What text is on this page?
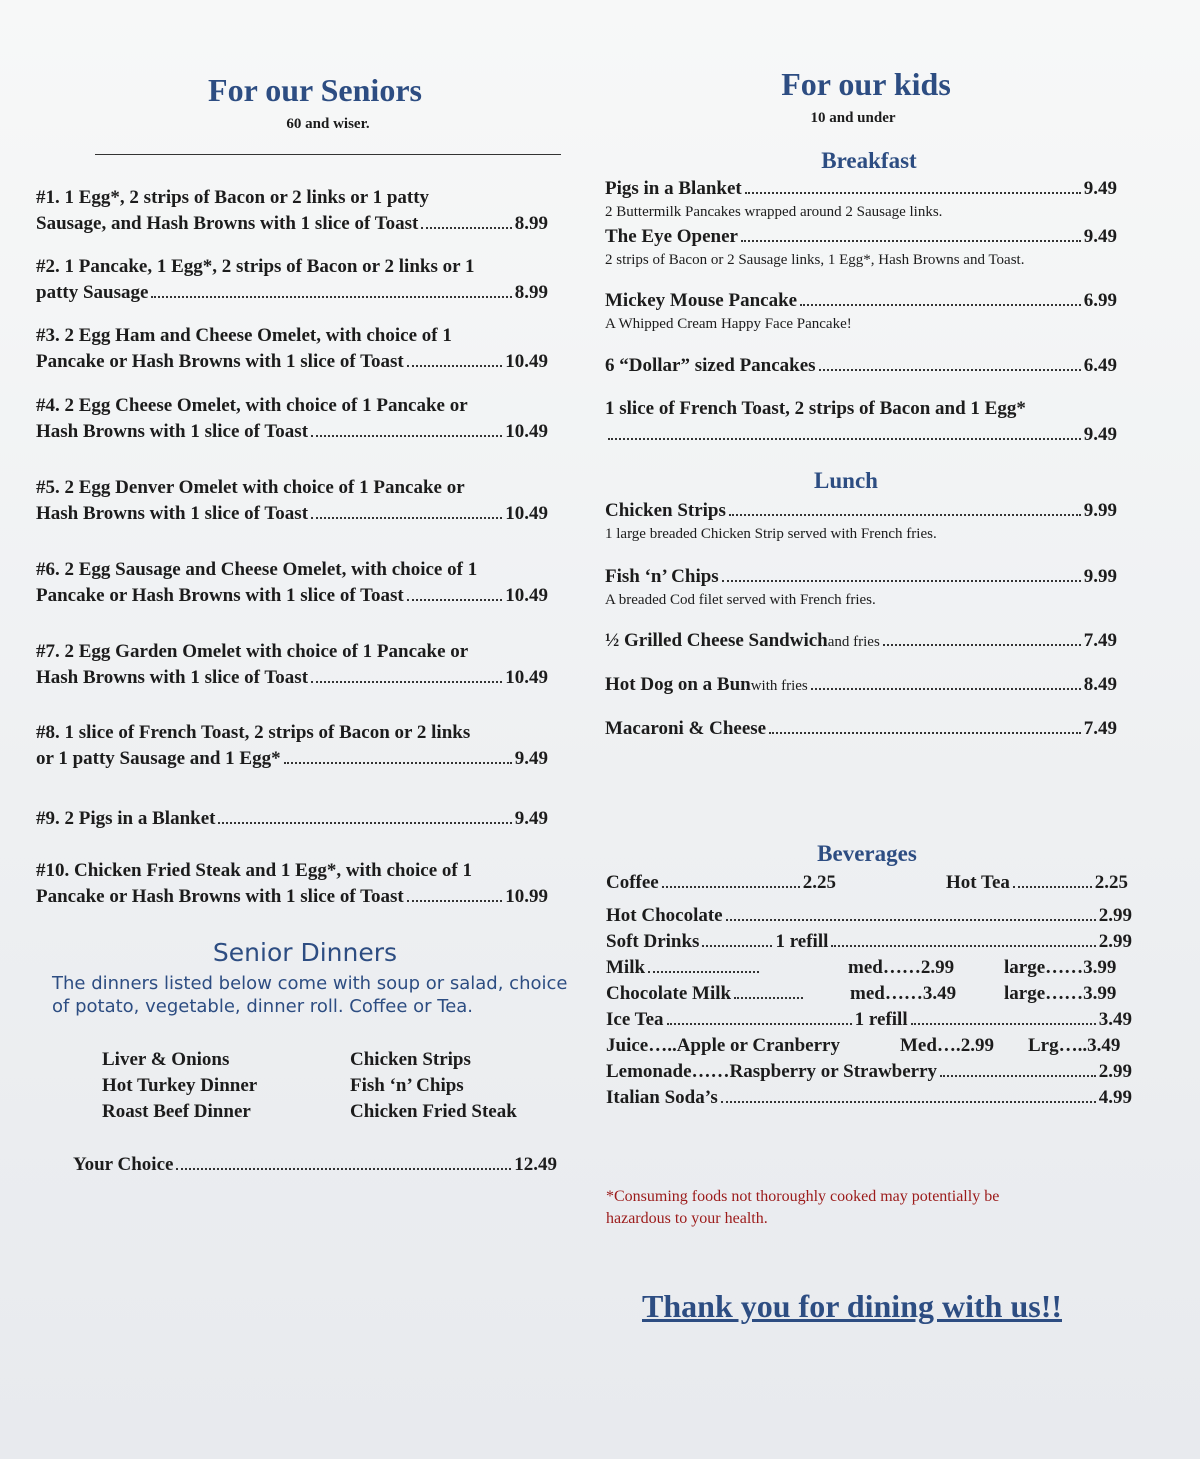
For our Seniors
60 and wiser.
#1. 1 Egg*, 2 strips of Bacon or 2 links or 1 patty
Sausage, and Hash Browns with 1 slice of Toast	8.99
#2. 1 Pancake, 1 Egg*, 2 strips of Bacon or 2 links or 1
patty Sausage	8.99
#3. 2 Egg Ham and Cheese Omelet, with choice of 1
Pancake or Hash Browns with 1 slice of Toast	10.49
#4. 2 Egg Cheese Omelet, with choice of 1 Pancake or
Hash Browns with 1 slice of Toast	10.49
#5. 2 Egg Denver Omelet with choice of 1 Pancake or
Hash Browns with 1 slice of Toast	10.49
#6. 2 Egg Sausage and Cheese Omelet, with choice of 1
Pancake or Hash Browns with 1 slice of Toast	10.49
#7. 2 Egg Garden Omelet with choice of 1 Pancake or
Hash Browns with 1 slice of Toast	10.49
#8. 1 slice of French Toast, 2 strips of Bacon or 2 links
or 1 patty Sausage and 1 Egg*	9.49
#9. 2 Pigs in a Blanket	9.49
#10. Chicken Fried Steak and 1 Egg*, with choice of 1
Pancake or Hash Browns with 1 slice of Toast	10.99
Senior Dinners
The dinners listed below come with soup or salad, choice
of potato, vegetable, dinner roll. Coffee or Tea.
Liver & Onions
Hot Turkey Dinner
Roast Beef Dinner
Chicken Strips
Fish ‘n’ Chips
Chicken Fried Steak
Your Choice	12.49
For our kids
10 and under
Breakfast
Pigs in a Blanket	9.49
2 Buttermilk Pancakes wrapped around 2 Sausage links.
The Eye Opener	9.49
2 strips of Bacon or 2 Sausage links, 1 Egg*, Hash Browns and Toast.
Mickey Mouse Pancake	6.99
A Whipped Cream Happy Face Pancake!
6 “Dollar” sized Pancakes	6.49
1 slice of French Toast, 2 strips of Bacon and 1 Egg*
9.49
Lunch
Chicken Strips	9.99
1 large breaded Chicken Strip served with French fries.
Fish ‘n’ Chips	9.99
A breaded Cod filet served with French fries.
½ Grilled Cheese Sandwich and fries	7.49
Hot Dog on a Bun with fries	8.49
Macaroni & Cheese	7.49
Beverages
Coffee	2.25	Hot Tea	2.25
Hot Chocolate	2.99
Soft Drinks	1 refill	2.99
Milk	med……2.99	large……3.99
Chocolate Milk	med……3.49	large……3.99
Ice Tea	1 refill	3.49
Juice…..Apple or Cranberry	Med….2.99 Lrg…..3.49
Lemonade……Raspberry or Strawberry	2.99
Italian Soda’s	4.99
*Consuming foods not thoroughly cooked may potentially be
hazardous to your health.
Thank you for dining with us!!
